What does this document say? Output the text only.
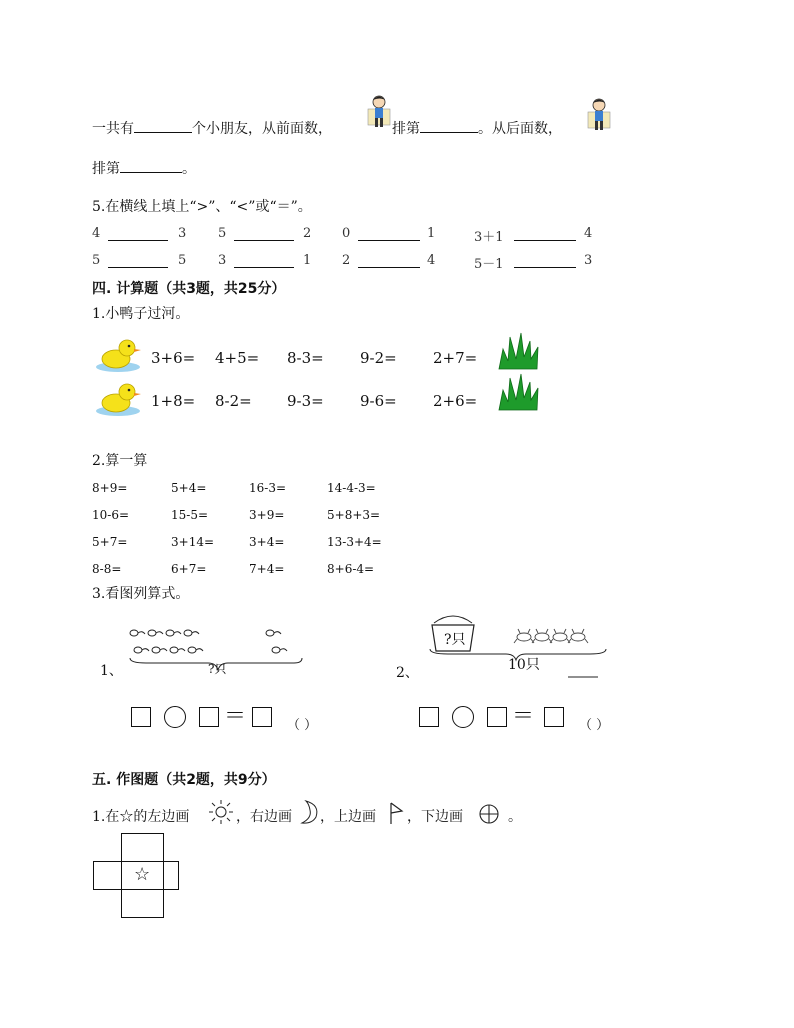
一共有	个小朋友，从前面数，	排第	。从后面数，
排第	。
5.在横线上填上“>”、“<”或“＝”。
4	3 5	2 0	1	3＋1	4
5	5 3	1 2	4	5－1	3
四. 计算题（共3题，共25分）
1.小鸭子过河。
3+6= 4+5= 8-3= 9-2= 2+7=
1+8= 8-2= 9-3= 9-6= 2+6=
2.算一算
8+9=	5+4=	16-3=	14-4-3=
10-6=	15-5=	3+9=	5+8+3=
5+7=	3+14=	3+4=	13-3+4=
8-8=	6+7=	7+4=	8+6-4=
3.看图列算式。
1、	?只	2、
?只
10只
＝	（ ）	＝	（ ）
五. 作图题（共2题，共9分）
1.在☆的左边画	，右边画 ，上边画 ，下边画	。
☆
